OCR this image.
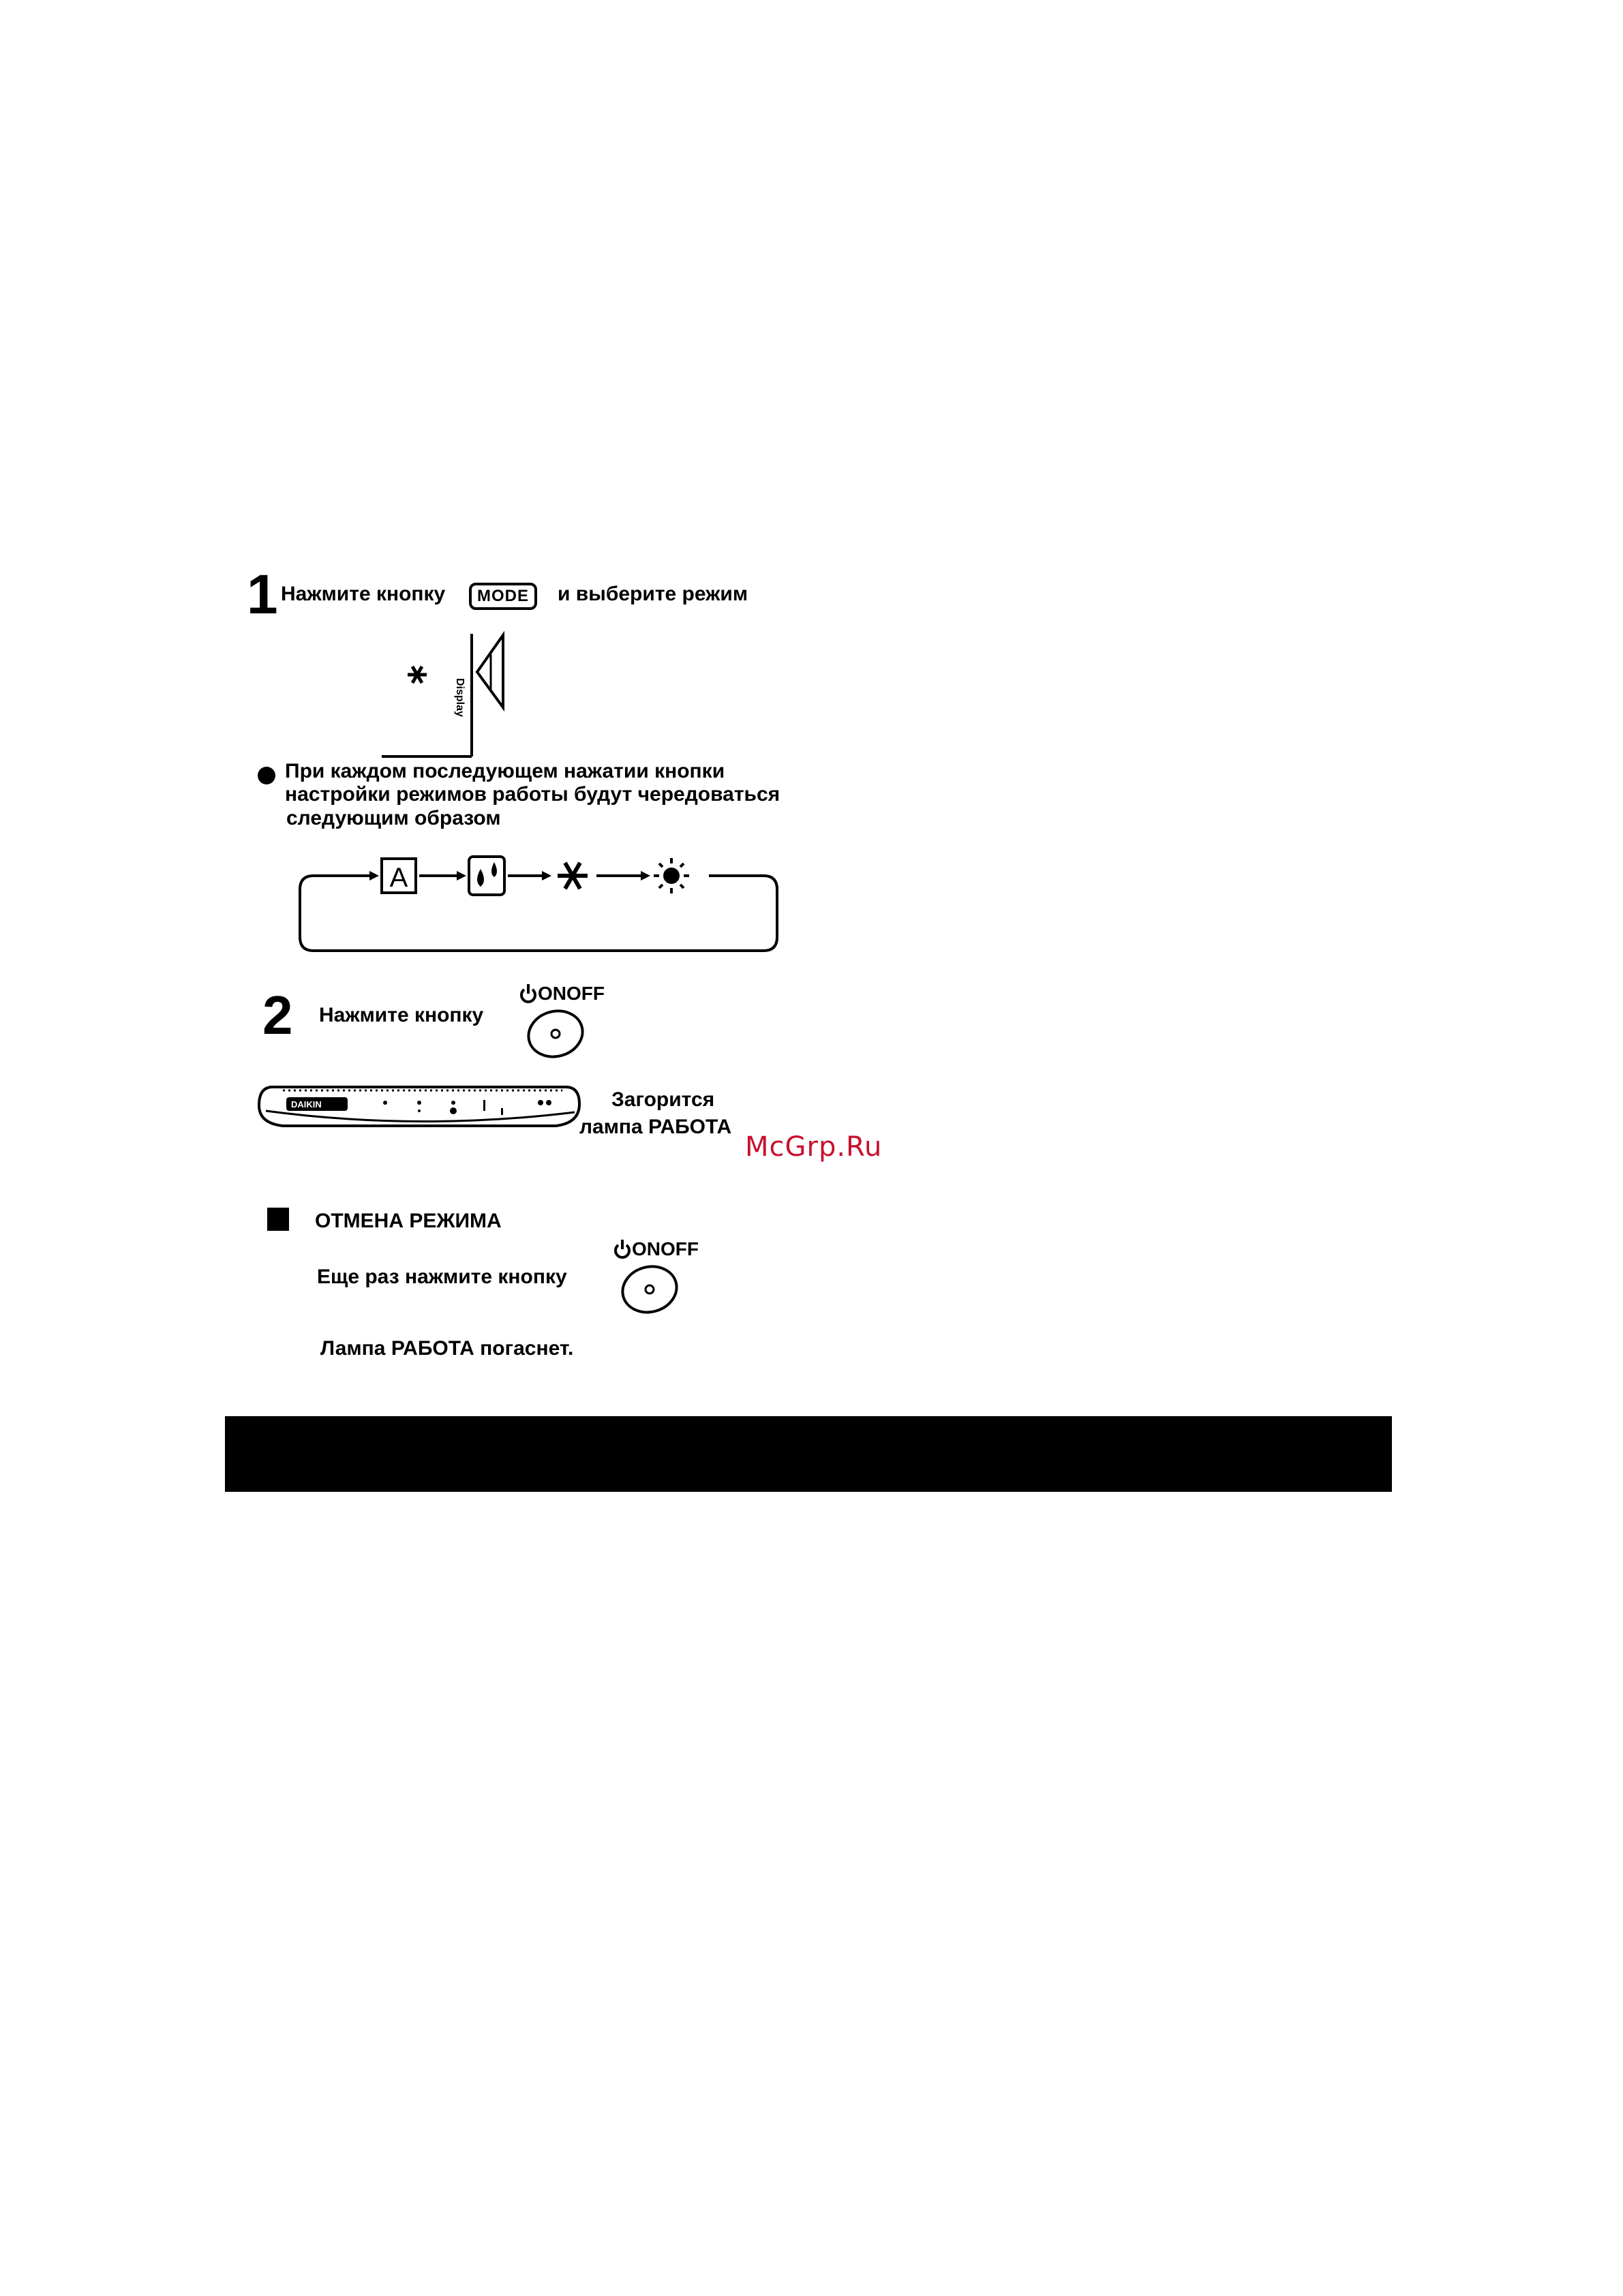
1 Нажмите кнопку	MODE	и выберите режим
Display
При каждом последующем нажатии кнопки
настройки режимов работы будут чередоваться
следующим образом
A
2 Нажмите кнопку
ONOFF
DAIKIN	Загорится
лампа РАБОТА
McGrp.Ru
ОТМЕНА РЕЖИМА
Еще раз нажмите кнопку
ONOFF
Лампа РАБОТА погаснет.
